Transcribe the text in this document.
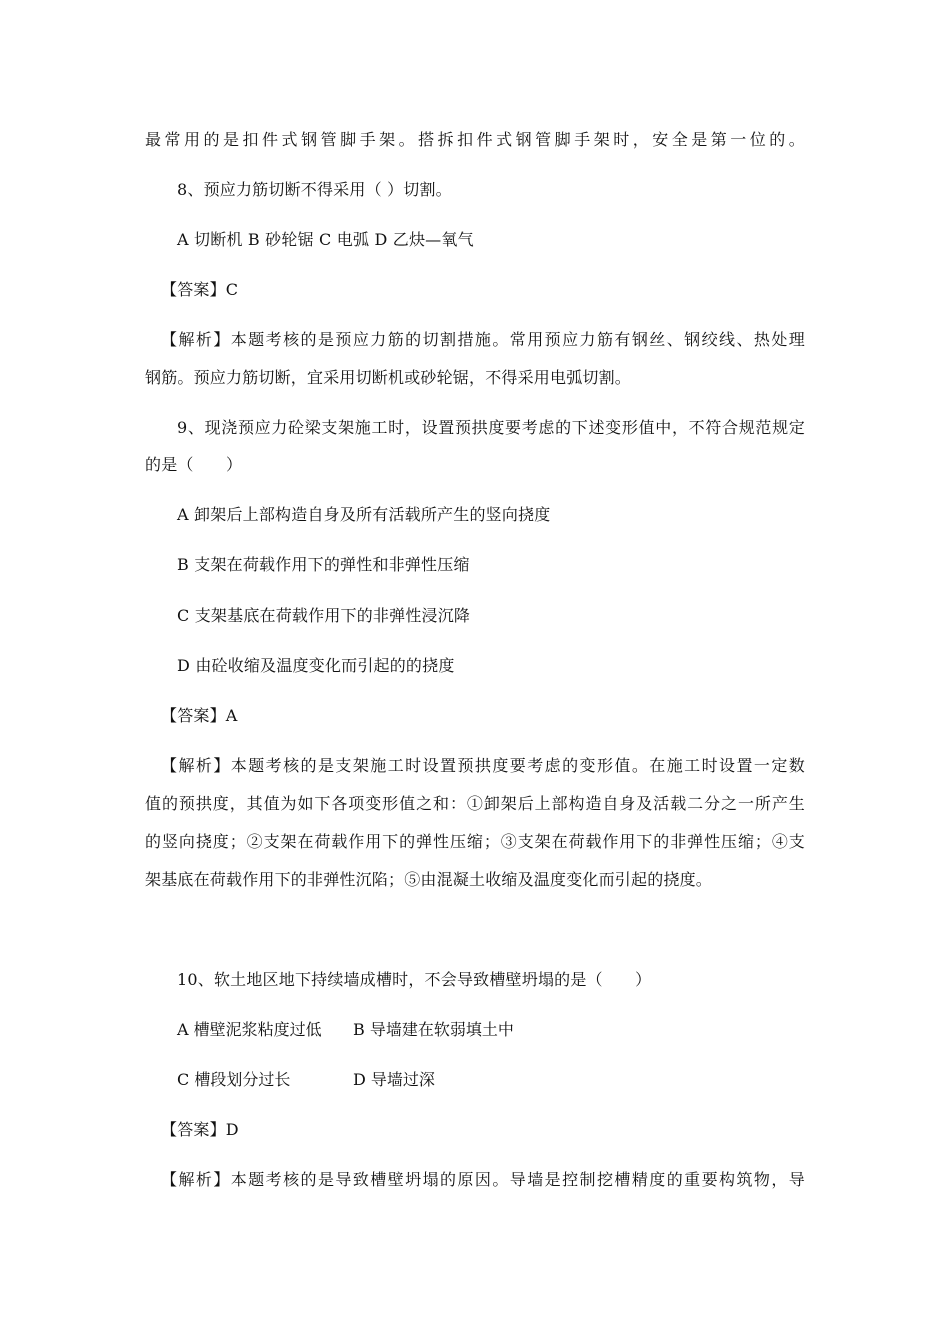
最常用的是扣件式钢管脚手架。搭拆扣件式钢管脚手架时，安全是第一位的。
8、预应力筋切断不得采用（ ）切割。
A 切断机 B 砂轮锯 C 电弧 D 乙炔—氧气
【答案】C
【解析】本题考核的是预应力筋的切割措施。常用预应力筋有钢丝、钢绞线、热处理
钢筋。预应力筋切断，宜采用切断机或砂轮锯，不得采用电弧切割。
9、现浇预应力砼梁支架施工时，设置预拱度要考虑的下述变形值中，不符合规范规定
的是（　　）
A 卸架后上部构造自身及所有活载所产生的竖向挠度
B 支架在荷载作用下的弹性和非弹性压缩
C 支架基底在荷载作用下的非弹性浸沉降
D 由砼收缩及温度变化而引起的的挠度
【答案】A
【解析】本题考核的是支架施工时设置预拱度要考虑的变形值。在施工时设置一定数
值的预拱度，其值为如下各项变形值之和：①卸架后上部构造自身及活载二分之一所产生
的竖向挠度；②支架在荷载作用下的弹性压缩；③支架在荷载作用下的非弹性压缩；④支
架基底在荷载作用下的非弹性沉陷；⑤由混凝土收缩及温度变化而引起的挠度。
10、软土地区地下持续墙成槽时，不会导致槽壁坍塌的是（　　）
A 槽壁泥浆粘度过低 B 导墙建在软弱填土中
C 槽段划分过长	D 导墙过深
【答案】D
【解析】本题考核的是导致槽壁坍塌的原因。导墙是控制挖槽精度的重要构筑物，导
